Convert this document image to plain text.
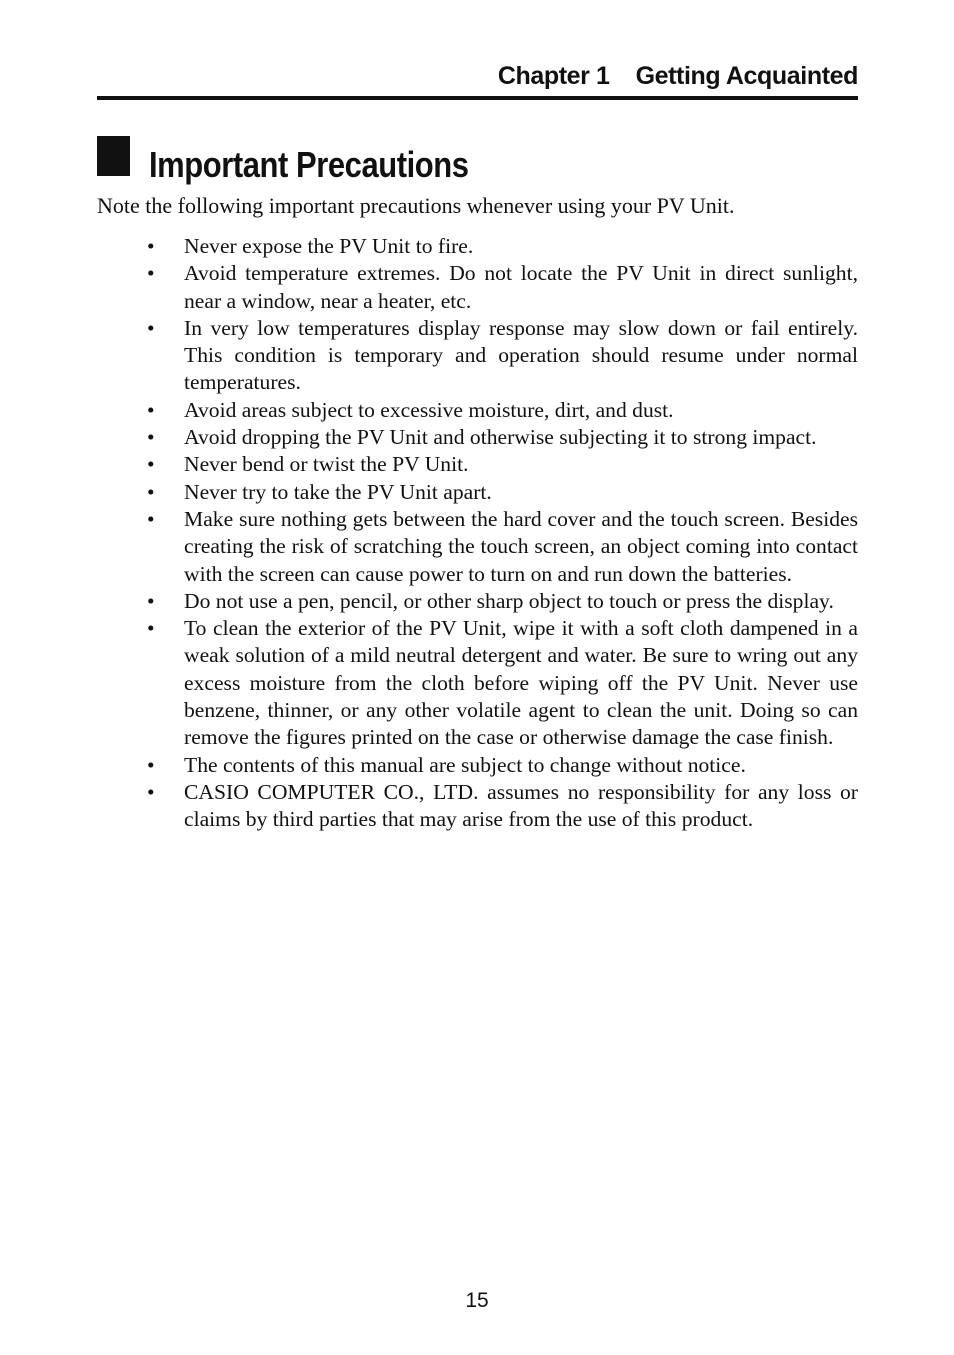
Chapter 1 Getting Acquainted
Important Precautions

Note the following important precautions whenever using your PV Unit.

• Never expose the PV Unit to fire.
• Avoid temperature extremes. Do not locate the PV Unit in direct sunlight, near a window, near a heater, etc.
• In very low temperatures display response may slow down or fail entirely. This condition is temporary and operation should resume under normal temperatures.
• Avoid areas subject to excessive moisture, dirt, and dust.
• Avoid dropping the PV Unit and otherwise subjecting it to strong impact.
• Never bend or twist the PV Unit.
• Never try to take the PV Unit apart.
• Make sure nothing gets between the hard cover and the touch screen. Besides creating the risk of scratching the touch screen, an object coming into contact with the screen can cause power to turn on and run down the batteries.
• Do not use a pen, pencil, or other sharp object to touch or press the display.
• To clean the exterior of the PV Unit, wipe it with a soft cloth dampened in a weak solution of a mild neutral detergent and water. Be sure to wring out any excess moisture from the cloth before wiping off the PV Unit. Never use benzene, thinner, or any other volatile agent to clean the unit. Doing so can remove the figures printed on the case or otherwise damage the case finish.
• The contents of this manual are subject to change without notice.
• CASIO COMPUTER CO., LTD. assumes no responsibility for any loss or claims by third parties that may arise from the use of this product.
15
